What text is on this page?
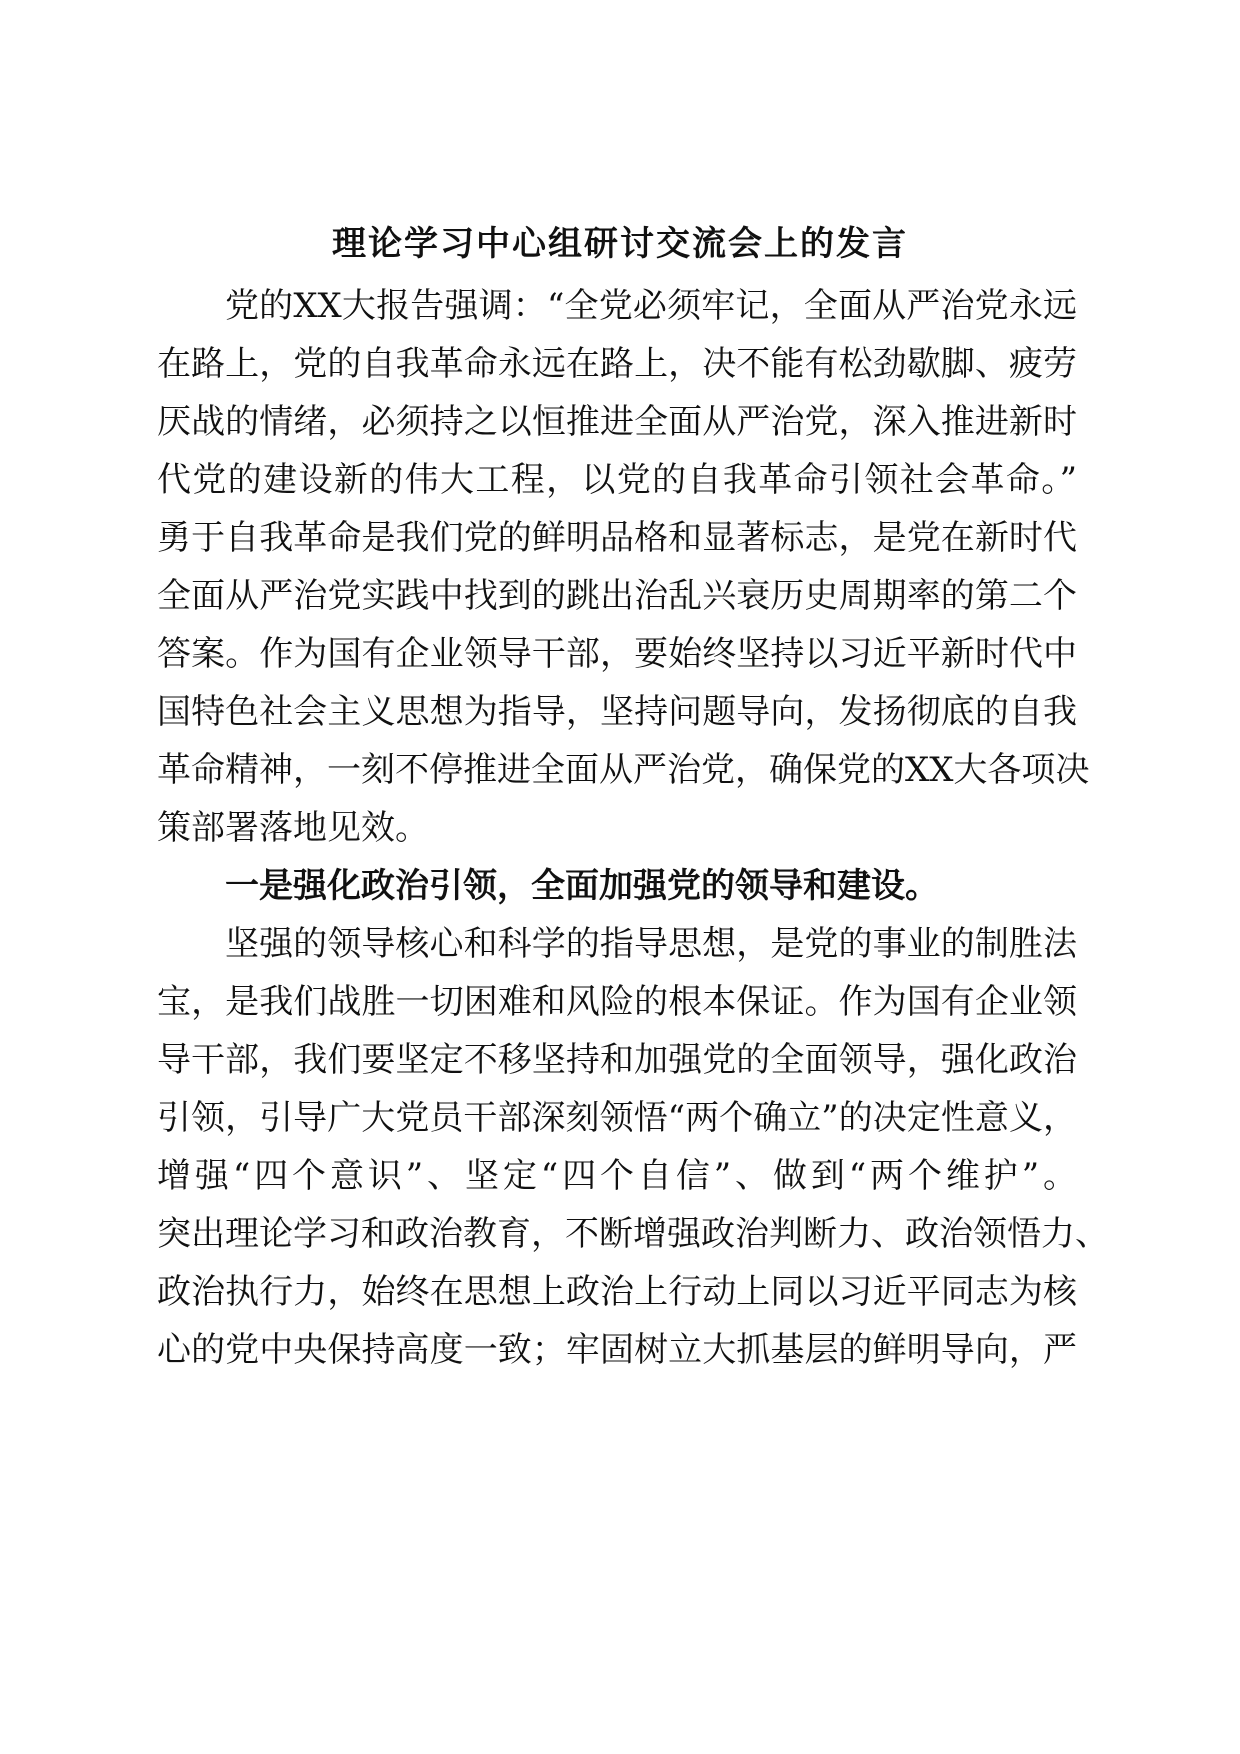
理论学习中心组研讨交流会上的发言
党的XX大报告强调：“全党必须牢记，全面从严治党永远
在路上，党的自我革命永远在路上，决不能有松劲歇脚、疲劳
厌战的情绪，必须持之以恒推进全面从严治党，深入推进新时
代党的建设新的伟大工程，以党的自我革命引领社会革命。”
勇于自我革命是我们党的鲜明品格和显著标志，是党在新时代
全面从严治党实践中找到的跳出治乱兴衰历史周期率的第二个
答案。作为国有企业领导干部，要始终坚持以习近平新时代中
国特色社会主义思想为指导，坚持问题导向，发扬彻底的自我
革命精神，一刻不停推进全面从严治党，确保党的XX大各项决
策部署落地见效。
一是强化政治引领，全面加强党的领导和建设。
坚强的领导核心和科学的指导思想，是党的事业的制胜法
宝，是我们战胜一切困难和风险的根本保证。作为国有企业领
导干部，我们要坚定不移坚持和加强党的全面领导，强化政治
引领，引导广大党员干部深刻领悟“两个确立”的决定性意义，
增强“四个意识”、坚定“四个自信”、做到“两个维护”。
突出理论学习和政治教育，不断增强政治判断力、政治领悟力、
政治执行力，始终在思想上政治上行动上同以习近平同志为核
心的党中央保持高度一致；牢固树立大抓基层的鲜明导向，严
